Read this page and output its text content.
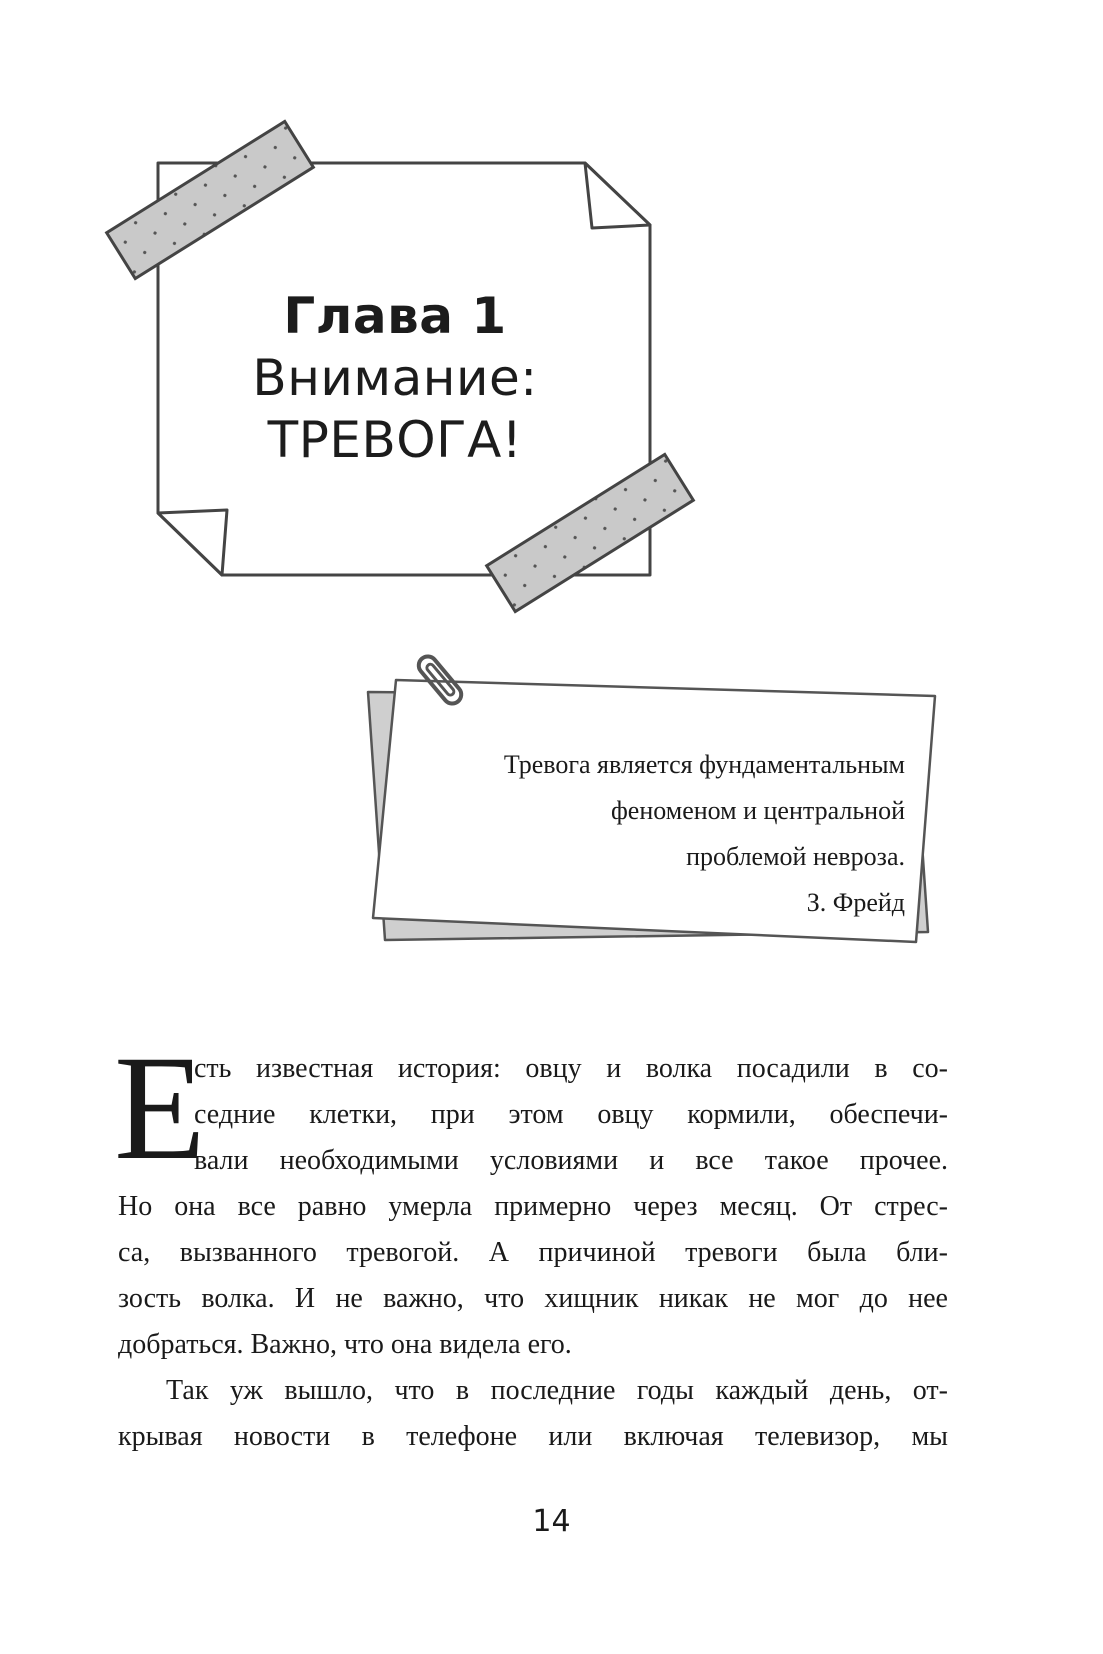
Глава 1
Внимание:
ТРЕВОГА!
Тревога является фундаментальным
феноменом и центральной
проблемой невроза.
З. Фрейд
Е
сть известная история: овцу и волка посадили в со-
седние клетки, при этом овцу кормили, обеспечи-
вали необходимыми условиями и все такое прочее.
Но она все равно умерла примерно через месяц. От стрес-
са, вызванного тревогой. А причиной тревоги была бли-
зость волка. И не важно, что хищник никак не мог до нее
добраться. Важно, что она видела его.
Так уж вышло, что в последние годы каждый день, от-
крывая новости в телефоне или включая телевизор, мы
14
